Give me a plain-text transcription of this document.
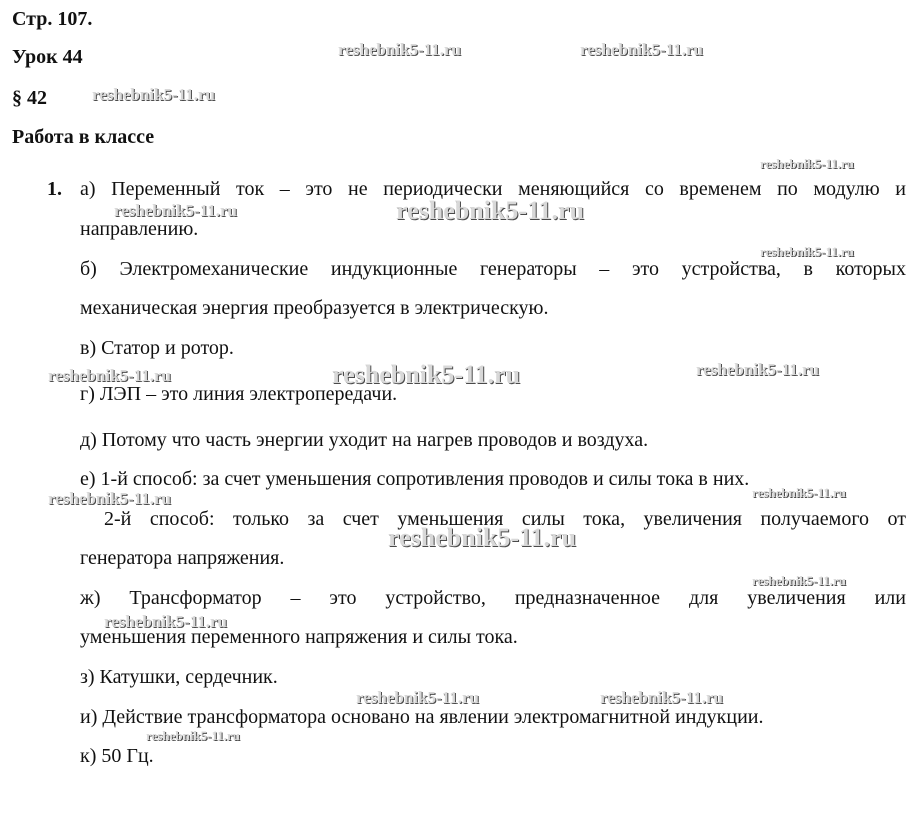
Стр. 107.
Урок 44
§ 42
Работа в классе
1. а) Переменный ток – это не периодически меняющийся со временем по модулю и
направлению.
б) Электромеханические индукционные генераторы – это устройства, в которых
механическая энергия преобразуется в электрическую.
в) Статор и ротор.
г) ЛЭП – это линия электропередачи.
д) Потому что часть энергии уходит на нагрев проводов и воздуха.
е) 1-й способ: за счет уменьшения сопротивления проводов и силы тока в них.
2-й способ: только за счет уменьшения силы тока, увеличения получаемого от
генератора напряжения.
ж) Трансформатор – это устройство, предназначенное для увеличения или
уменьшения переменного напряжения и силы тока.
з) Катушки, сердечник.
и) Действие трансформатора основано на явлении электромагнитной индукции.
к) 50 Гц.
reshebnik5-11.ru	reshebnik5-11.ru
reshebnik5-11.ru
reshebnik5-11.ru
reshebnik5-11.ru	reshebnik5-11.ru
reshebnik5-11.ru
reshebnik5-11.ru	reshebnik5-11.ru	reshebnik5-11.ru
reshebnik5-11.ru	reshebnik5-11.ru
reshebnik5-11.ru
reshebnik5-11.ru
reshebnik5-11.ru
reshebnik5-11.ru	reshebnik5-11.ru
reshebnik5-11.ru
